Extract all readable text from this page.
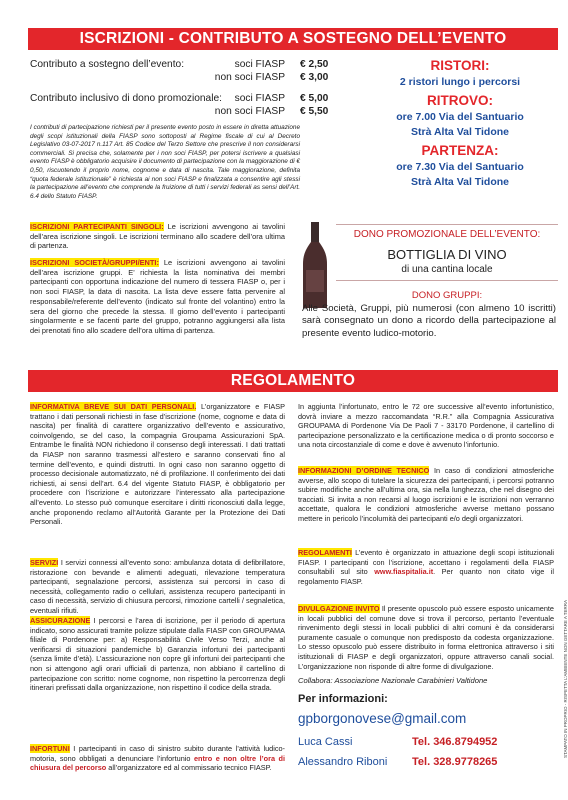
ISCRIZIONI - CONTRIBUTO A SOSTEGNO DELL’EVENTO
Contributo a sostegno dell’evento:	soci FIASP € 2,50
non soci FIASP € 3,00
Contributo inclusivo di dono promozionale:	soci FIASP € 5,00
non soci FIASP € 5,50
I contributi di partecipazione richiesti per il presente evento posto in essere in diretta attuazione degli scopi istituzionali della FIASP sono sottoposti al Regime fiscale di cui al Decreto Legislativo 03-07-2017 n.117 Art. 85 Codice del Terzo Settore che prescrive il non considerarsi commerciali. Si precisa che, solamente per i non soci FIASP, per potersi iscrivere a qualsiasi evento FIASP è obbligatorio acquisire il documento di partecipazione con la maggiorazione di € 0,50, riscuotendo il proprio nome, cognome e data di nascita. Tale maggiorazione, definita “quota federale istituzionale” è richiesta ai non soci FIASP e finalizzata a consentire agli stessi la partecipazione all’evento che comprende la fruizione di tutti i servizi federali as sensi dell’Art. 6.4 dello Statuto FIASP.
RISTORI:
2 ristori lungo i percorsi
RITROVO:
ore 7.00 Via del Santuario
Strà Alta Val Tidone
PARTENZA:
ore 7.30 Via del Santuario
Strà Alta Val Tidone
ISCRIZIONI PARTECIPANTI SINGOLI: Le iscrizioni avvengono ai tavolini dell’area iscrizione singoli. Le iscrizioni terminano allo scadere dell’ora ultima di partenza.
ISCRIZIONI SOCIETÀ/GRUPPI/ENTI: Le iscrizioni avvengono ai tavolini dell’area iscrizione gruppi. E’ richiesta la lista nominativa dei membri partecipanti con opportuna indicazione del numero di tessera FIASP o, per i non soci FIASP, la data di nascita. La lista deve essere fatta pervenire al responsabile/referente dell’evento (indicato sul fronte del volantino) entro la sera del giorno che precede la stessa. Il giorno dell’evento i partecipanti singolarmente e se facenti parte del gruppo, potranno aggiungersi alla lista dei prenotati fino allo scadere dell’ora ultima di partenza.
DONO PROMOZIONALE DELL’EVENTO:
BOTTIGLIA DI VINO
di una cantina locale
DONO GRUPPI:
Alle Società, Gruppi, più numerosi (con almeno 10 iscritti) sarà consegnato un dono a ricordo della partecipazione al presente evento ludico-motorio.
REGOLAMENTO
INFORMATIVA BREVE SUI DATI PERSONALI. L’organizzatore e FIASP trattano i dati personali richiesti in fase d’iscrizione (nome, cognome e data di nascita) per finalità di carattere organizzativo dell’evento e assicurativo, coinvolgendo, se del caso, la compagnia Groupama Assicurazioni SpA. Entrambe le finalità NON richiedono il consenso degli interessati. I dati trattati da FIASP non saranno trasmessi all’estero e saranno conservati fino al termine dell’evento, e quindi distrutti. In ogni caso non saranno oggetto di processo decisionale automatizzato, né di profilazione. Il conferimento dei dati richiesti, ai sensi dell’art. 6.4 del vigente Statuto FIASP, è obbligatorio per procedere con l’iscrizione e autorizzare l’interessato alla partecipazione all’evento. Lo stesso può comunque esercitare i diritti riconosciuti dalla legge, anche proponendo reclamo all’Autorità Garante per la Protezione dei Dati Personali.
SERVIZI I servizi connessi all’evento sono: ambulanza dotata di defibrillatore, ristorazione con bevande e alimenti adeguati, rilevazione temperatura partecipanti, segnalazione percorsi, assistenza sui percorsi in caso di necessità, collegamento radio o cellulari, assistenza recupero partecipanti in caso di necessità, servizio di chiusura percorsi, rimozione cartelli / segnaletica, eventuali rifiuti.
ASSICURAZIONE I percorsi e l’area di iscrizione, per il periodo di apertura indicato, sono assicurati tramite polizze stipulate dalla FIASP con GROUPAMA filiale di Pordenone per: a) Responsabilità Civile Verso Terzi, anche al verificarsi di situazioni pandemiche b) Garanzia infortuni dei partecipanti (senza limite d’età). L’assicurazione non copre gli infortuni dei partecipanti che non si attengono agli orari ufficiali di partenza, non abbiano il cartellino di partecipazione con scritto: nome cognome, non rispettino la percorrenza degli itinerari prefissati dalla organizzazione, non rispettino il codice della strada.
INFORTUNI I partecipanti in caso di sinistro subito durante l’attività ludico-motoria, sono obbligati a denunciare l’infortunio entro e non oltre l’ora di chiusura del percorso all’organizzatore ed al commissario tecnico FIASP.
In aggiunta l’infortunato, entro le 72 ore successive all’evento infortunistico, dovrà inviare a mezzo raccomandata “R.R.” alla Compagnia Assicurativa GROUPAMA di Pordenone Via De Paoli 7 - 33170 Pordenone, il cartellino di partecipazione personalizzato e la certificazione medica o di pronto soccorso e una nota circostanziale di come e dove è avvenuto l’infortunio.
INFORMAZIONI D’ORDINE TECNICO In caso di condizioni atmosferiche avverse, allo scopo di tutelare la sicurezza dei partecipanti, i percorsi potranno subire modifiche anche all’ultima ora, sia nella lunghezza, che nel disegno dei tracciati. Si invita a non recarsi al luogo iscrizioni e le iscrizioni non verranno accettate, qualora le condizioni atmosferiche avverse mettano possano mettere in pericolo l’incolumità dei partecipanti e/o degli organizzatori.
REGOLAMENTI L’evento è organizzato in attuazione degli scopi istituzionali FIASP. I partecipanti con l’iscrizione, accettano i regolamenti della FIASP consultabili sul sito www.fiaspitalia.it. Per quanto non citato vige il regolamento FIASP.
DIVULGAZIONE INVITO Il presente opuscolo può essere esposto unicamente in locali pubblici del comune dove si trova il percorso, pertanto l’eventuale rinvenimento degli stessi in locali pubblici di altri comuni è da considerarsi puramente casuale o comunque non predisposto da codesta organizzazione. Lo stesso opuscolo può essere distribuito in forma elettronica attraverso i siti istituzionali di FIASP e degli organizzatori, oppure attraverso canali social. L’organizzazione non risponde di altre forme di divulgazione.
Collabora: Associazione Nazionale Carabinieri Valtidone
Per informazioni:
gpborgonovese@gmail.com
Luca Cassi	Tel. 346.8794952
Alessandro Riboni Tel. 328.9778265
STAMPATO IN PROPRIO - RISPETTA L’AMBIENTE NON GETTARE A TERRA
